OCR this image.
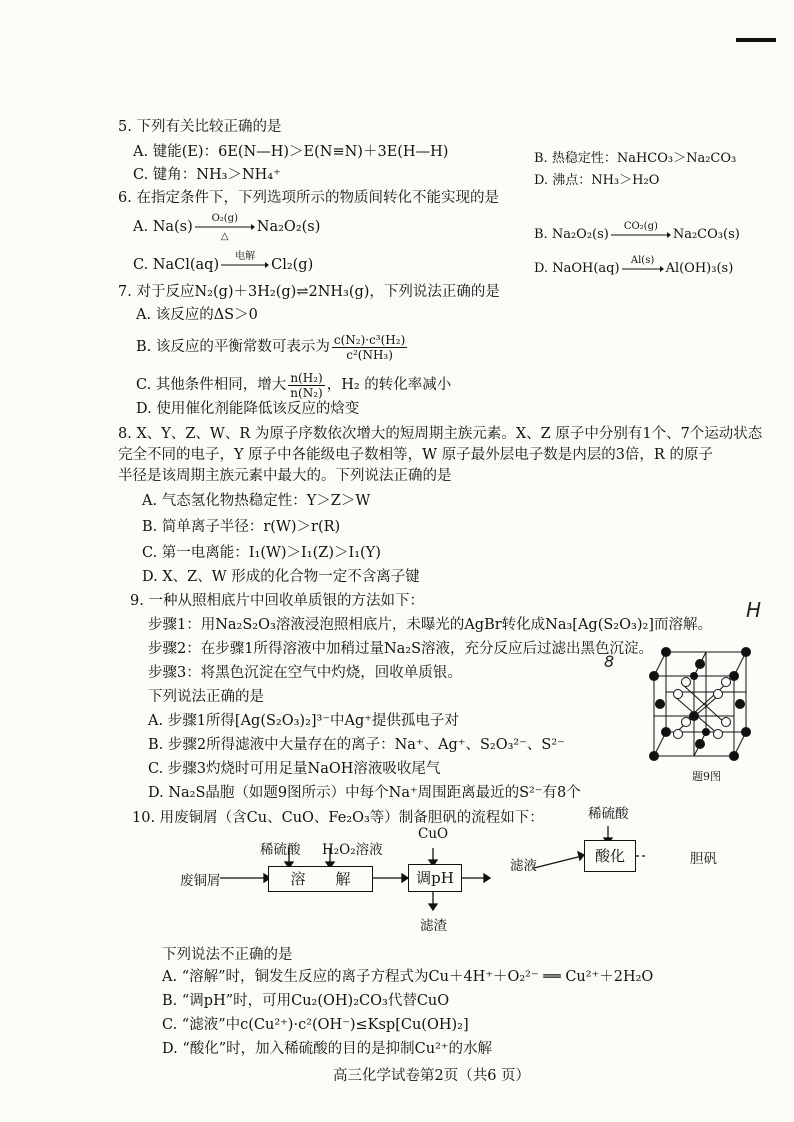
5. 下列有关比较正确的是
A. 键能(E)：6E(N—H)＞E(N≡N)＋3E(H—H)
C. 键角：NH₃＞NH₄⁺
B. 热稳定性：NaHCO₃＞Na₂CO₃
D. 沸点：NH₃＞H₂O
6. 在指定条件下，下列选项所示的物质间转化不能实现的是
A. Na(s)
O₂(g)
△
Na₂O₂(s)	B. Na₂O₂(s)
CO₂(g)
Na₂CO₃(s)
C. NaCl(aq)
电解
Cl₂(g)	D. NaOH(aq)
Al(s)
Al(OH)₃(s)
7. 对于反应N₂(g)＋3H₂(g)⇌2NH₃(g)，下列说法正确的是
A. 该反应的ΔS＞0
B. 该反应的平衡常数可表示为 $\frac{\text{c(N₂)·c³(H₂)}}{\text{c²(NH₃)}}$
C. 其他条件相同，增大 $\frac{\text{n(H₂)}}{\text{n(N₂)}}$ ，H₂ 的转化率减小
D. 使用催化剂能降低该反应的焓变
8. X、Y、Z、W、R 为原子序数依次增大的短周期主族元素。X、Z 原子中分别有1个、7个运动状态
完全不同的电子，Y 原子中各能级电子数相等，W 原子最外层电子数是内层的3倍，R 的原子
半径是该周期主族元素中最大的。下列说法正确的是
A. 气态氢化物热稳定性：Y＞Z＞W
B. 简单离子半径：r(W)＞r(R)
C. 第一电离能：I₁(W)＞I₁(Z)＞I₁(Y)
D. X、Z、W 形成的化合物一定不含离子键
9. 一种从照相底片中回收单质银的方法如下：
步骤1：用Na₂S₂O₃溶液浸泡照相底片，未曝光的AgBr转化成Na₃[Ag(S₂O₃)₂]而溶解。
步骤2：在步骤1所得溶液中加稍过量Na₂S溶液，充分反应后过滤出黑色沉淀。
步骤3：将黑色沉淀在空气中灼烧，回收单质银。
下列说法正确的是
A. 步骤1所得[Ag(S₂O₃)₂]³⁻中Ag⁺提供孤电子对
B. 步骤2所得滤液中大量存在的离子：Na⁺、Ag⁺、S₂O₃²⁻、S²⁻
C. 步骤3灼烧时可用足量NaOH溶液吸收尾气
D. Na₂S晶胞（如题9图所示）中每个Na⁺周围距离最近的S²⁻有8个
题9图
H
8
10. 用废铜屑（含Cu、CuO、Fe₂O₃等）制备胆矾的流程如下：
废铜屑
稀硫酸 H₂O₂溶液
溶　　解
CuO
调pH
滤渣
滤液
稀硫酸
酸化	胆矾
下列说法不正确的是
A. “溶解”时，铜发生反应的离子方程式为Cu＋4H⁺＋O₂²⁻ ══ Cu²⁺＋2H₂O
B. “调pH”时，可用Cu₂(OH)₂CO₃代替CuO
C. “滤液”中c(Cu²⁺)·c²(OH⁻)≤Ksp[Cu(OH)₂]
D. “酸化”时，加入稀硫酸的目的是抑制Cu²⁺的水解
高三化学试卷第2页（共6 页）
